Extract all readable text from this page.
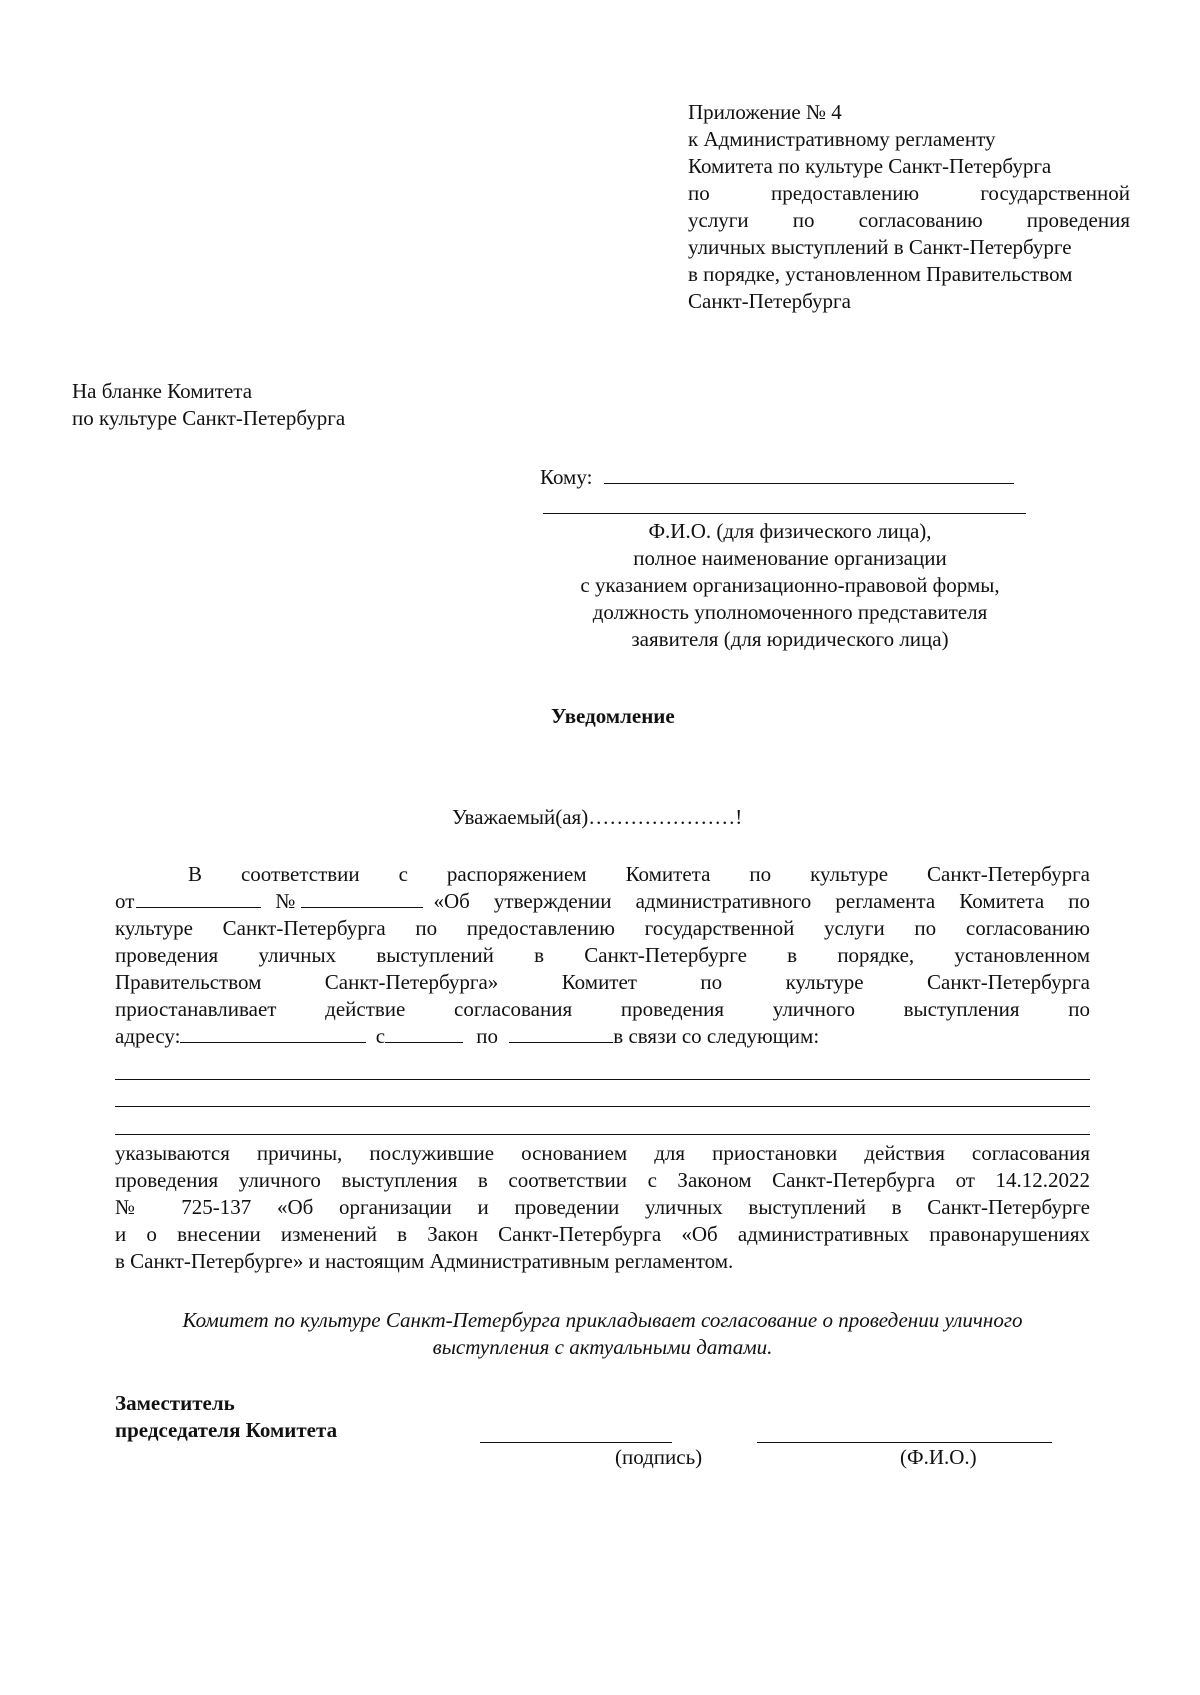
Приложение № 4
к Административному регламенту
Комитета по культуре Санкт-Петербурга
по предоставлению государственной
услуги по согласованию проведения
уличных выступлений в Санкт-Петербурге
в порядке, установленном Правительством
Санкт-Петербурга
На бланке Комитета
по культуре Санкт-Петербурга
Кому:
Ф.И.О. (для физического лица),
полное наименование организации
с указанием организационно-правовой формы,
должность уполномоченного представителя
заявителя (для юридического лица)
Уведомление
Уважаемый(ая)…………………!
В соответствии с распоряжением Комитета по культуре Санкт-Петербурга
от	№	«Об утверждении административного регламента Комитета по
культуре Санкт-Петербурга по предоставлению государственной услуги по согласованию
проведения уличных выступлений в Санкт-Петербурге в порядке, установленном
Правительством Санкт-Петербурга» Комитет по культуре Санкт-Петербурга
приостанавливает действие согласования проведения уличного выступления по
адресу:	с	по	в связи со следующим:
указываются причины, послужившие основанием для приостановки действия согласования
проведения уличного выступления в соответствии с Законом Санкт-Петербурга от 14.12.2022
№ 725-137 «Об организации и проведении уличных выступлений в Санкт-Петербурге
и о внесении изменений в Закон Санкт-Петербурга «Об административных правонарушениях
в Санкт-Петербурге» и настоящим Административным регламентом.
Комитет по культуре Санкт-Петербурга прикладывает согласование о проведении уличного
выступления с актуальными датами.
Заместитель
председателя Комитета
(подпись)	(Ф.И.О.)
